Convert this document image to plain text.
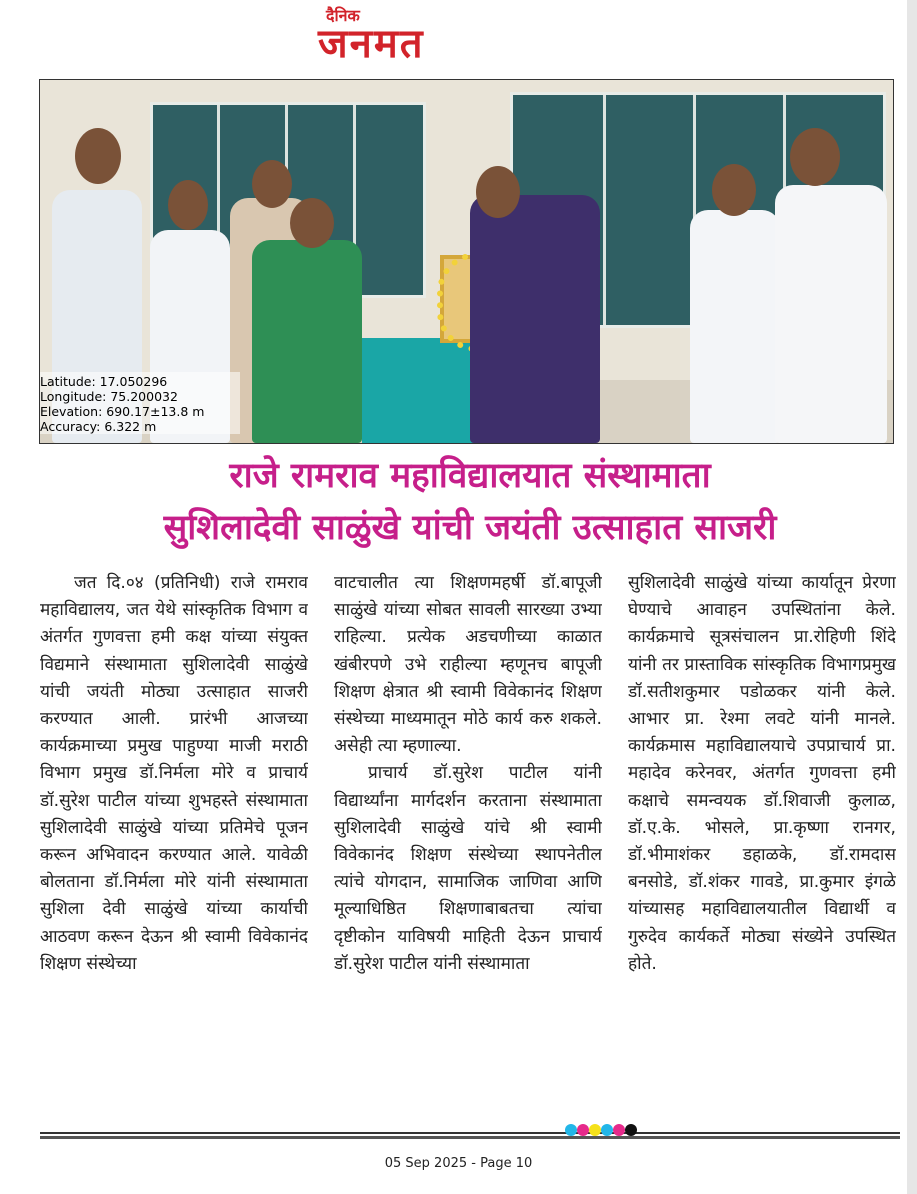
दैनिक
जनमत
Latitude: 17.050296
Longitude: 75.200032
Elevation: 690.17±13.8 m
Accuracy: 6.322 m
राजे रामराव महाविद्यालयात संस्थामाता
सुशिलादेवी साळुंखे यांची जयंती उत्साहात साजरी

जत दि.०४ (प्रतिनिधी) राजे रामराव महाविद्यालय, जत येथे सांस्कृतिक विभाग व अंतर्गत गुणवत्ता हमी कक्ष यांच्या संयुक्त विद्यमाने संस्थामाता सुशिलादेवी साळुंखे यांची जयंती मोठ्या उत्साहात साजरी करण्यात आली. प्रारंभी आजच्या कार्यक्रमाच्या प्रमुख पाहुण्या माजी मराठी विभाग प्रमुख डॉ.निर्मला मोरे व प्राचार्य डॉ.सुरेश पाटील यांच्या शुभहस्ते संस्थामाता सुशिलादेवी साळुंखे यांच्या प्रतिमेचे पूजन करून अभिवादन करण्यात आले. यावेळी बोलताना डॉ.निर्मला मोरे यांनी संस्थामाता सुशिला देवी साळुंखे यांच्या कार्याची आठवण करून देऊन श्री स्वामी विवेकानंद शिक्षण संस्थेच्या

वाटचालीत त्या शिक्षणमहर्षी डॉ.बापूजी साळुंखे यांच्या सोबत सावली सारख्या उभ्या राहिल्या. प्रत्येक अडचणीच्या काळात खंबीरपणे उभे राहील्या म्हणूनच बापूजी शिक्षण क्षेत्रात श्री स्वामी विवेकानंद शिक्षण संस्थेच्या माध्यमातून मोठे कार्य करु शकले. असेही त्या म्हणाल्या.

प्राचार्य डॉ.सुरेश पाटील यांनी विद्यार्थ्यांना मार्गदर्शन करताना संस्थामाता सुशिलादेवी साळुंखे यांचे श्री स्वामी विवेकानंद शिक्षण संस्थेच्या स्थापनेतील त्यांचे योगदान, सामाजिक जाणिवा आणि मूल्याधिष्ठित शिक्षणाबाबतचा त्यांचा दृष्टीकोन याविषयी माहिती देऊन प्राचार्य डॉ.सुरेश पाटील यांनी संस्थामाता

सुशिलादेवी साळुंखे यांच्या कार्यातून प्रेरणा घेण्याचे आवाहन उपस्थितांना केले. कार्यक्रमाचे सूत्रसंचालन प्रा.रोहिणी शिंदे यांनी तर प्रास्ताविक सांस्कृतिक विभागप्रमुख डॉ.सतीशकुमार पडोळकर यांनी केले. आभार प्रा. रेश्मा लवटे यांनी मानले. कार्यक्रमास महाविद्यालयाचे उपप्राचार्य प्रा. महादेव करेनवर, अंतर्गत गुणवत्ता हमी कक्षाचे समन्वयक डॉ.शिवाजी कुलाळ, डॉ.ए.के. भोसले, प्रा.कृष्णा रानगर, डॉ.भीमाशंकर डहाळके, डॉ.रामदास बनसोडे, डॉ.शंकर गावडे, प्रा.कुमार इंगळे यांच्यासह महाविद्यालयातील विद्यार्थी व गुरुदेव कार्यकर्ते मोठ्या संख्येने उपस्थित होते.

05 Sep 2025 - Page 10
